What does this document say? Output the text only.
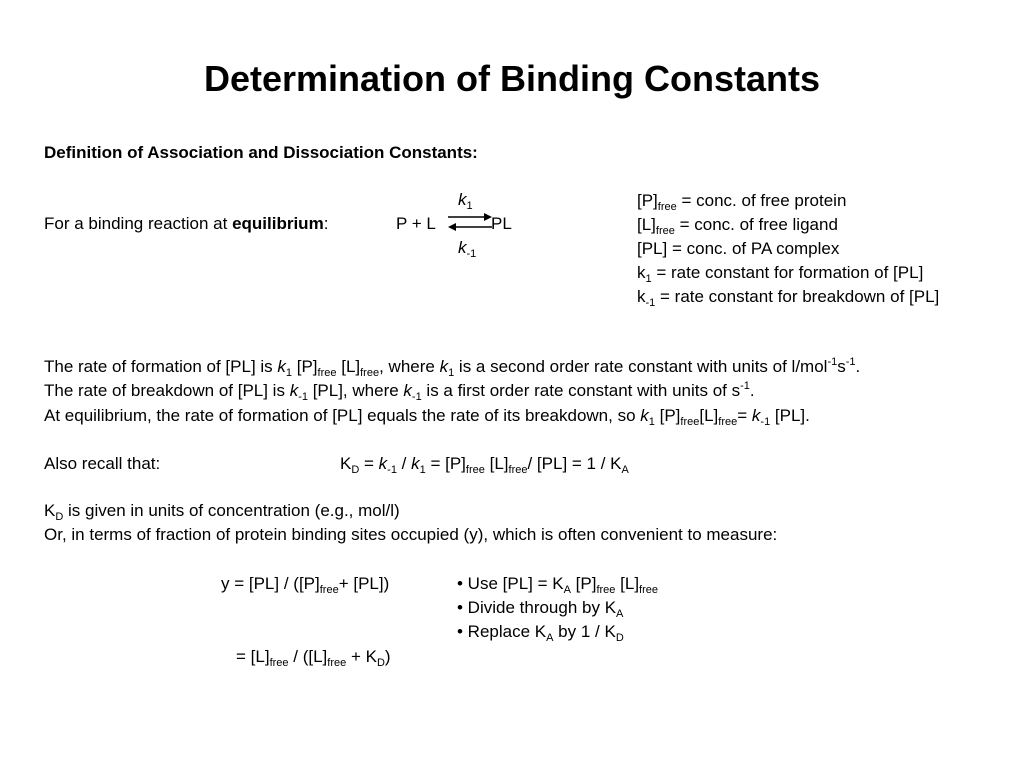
Determination of Binding Constants
Definition of Association and Dissociation Constants:
For a binding reaction at equilibrium:	P + L	PL
$k_1$
$k_{-1}$
$[P]_{free}$ = conc. of free protein
$[L]_{free}$ = conc. of free ligand
[PL] = conc. of PA complex
$k_1$ = rate constant for formation of [PL]
$k_{-1}$ = rate constant for breakdown of [PL]
The rate of formation of [PL] is $k_1$ $[P]_{free}$ $[L]_{free}$, where $k_1$ is a second order rate constant with units of $l/mol^{-1}s^{-1}$.
The rate of breakdown of [PL] is $k_{-1}$ [PL], where $k_{-1}$ is a first order rate constant with units of $s^{-1}$.
At equilibrium, the rate of formation of [PL] equals the rate of its breakdown, so $k_1$ $[P]_{free}[L]_{free}= k_{-1}$ [PL].
Also recall that:	$K_D = k_{-1} / k_1 = [P]_{free}$ $[L]_{free}/$ $[PL] = 1 / K_A$
$K_D$ is given in units of concentration (e.g., mol/l)
Or, in terms of fraction of protein binding sites occupied (y), which is often convenient to measure:
$y = [PL] / ([P]_{free}+ [PL])$
= $[L]_{free} / ([L]_{free} + K_D)$
• Use $[PL] = K_A$ $[P]_{free}$ $[L]_{free}$
• Divide through by $K_A$
• Replace $K_A$ by $1 / K_D$
